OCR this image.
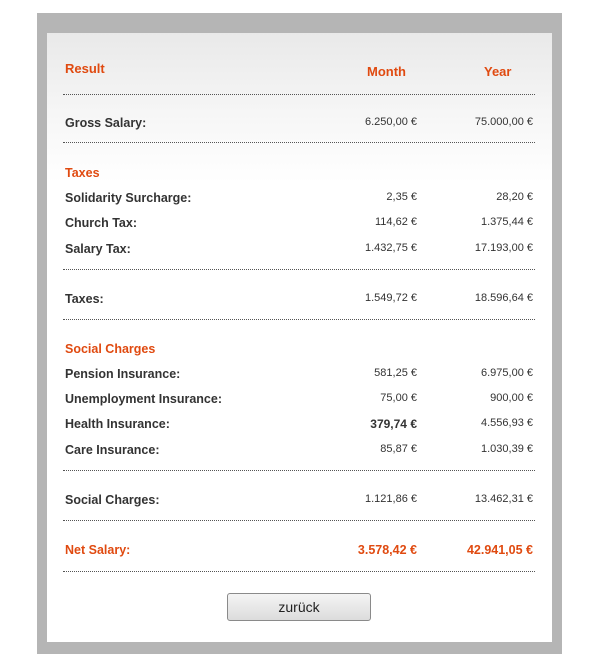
Result	Month	Year
Gross Salary:	6.250,00 €	75.000,00 €
Taxes
Solidarity Surcharge:	2,35 €	28,20 €
Church Tax:	114,62 €	1.375,44 €
Salary Tax:	1.432,75 €	17.193,00 €
Taxes:	1.549,72 €	18.596,64 €
Social Charges
Pension Insurance:	581,25 €	6.975,00 €
Unemployment Insurance:	75,00 €	900,00 €
Health Insurance:	379,74 €	4.556,93 €
Care Insurance:	85,87 €	1.030,39 €
Social Charges:	1.121,86 €	13.462,31 €
Net Salary:	3.578,42 €	42.941,05 €
zurück
